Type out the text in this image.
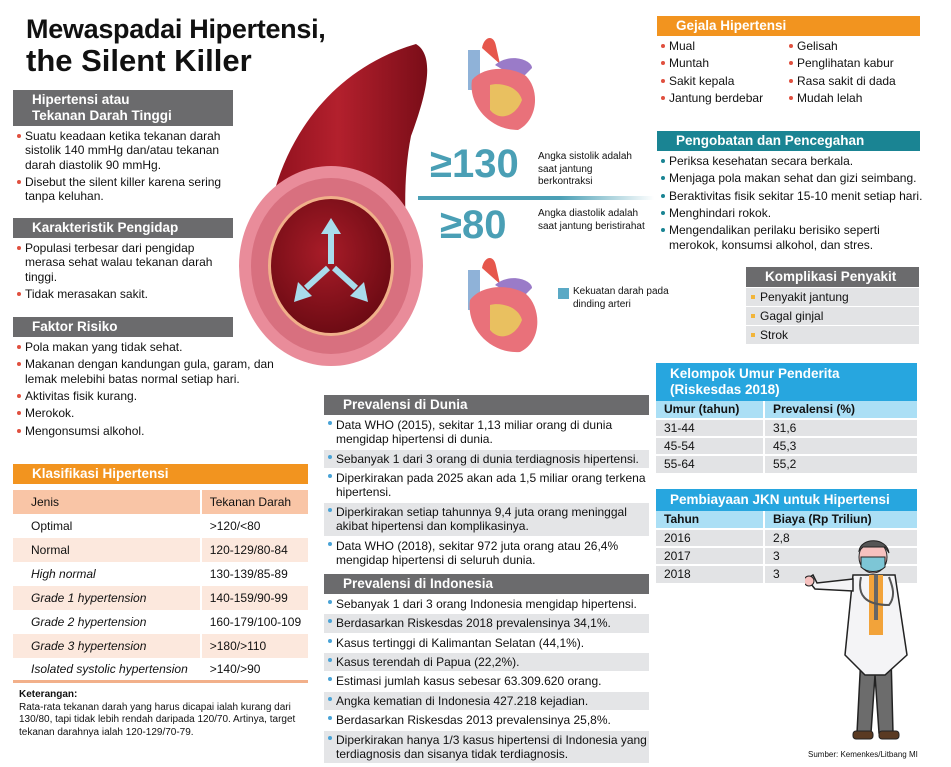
Mewaspadai Hipertensi,
the Silent Killer
Hipertensi atau
Tekanan Darah Tinggi
Suatu keadaan ketika tekanan darah sistolik 140 mmHg dan/atau tekanan darah diastolik 90 mmHg.
Disebut the silent killer karena sering tanpa keluhan.
Karakteristik Pengidap
Populasi terbesar dari pengidap merasa sehat walau tekanan darah tinggi.
Tidak merasakan sakit.
Faktor Risiko
Pola makan yang tidak sehat.
Makanan dengan kandungan gula, garam, dan lemak melebihi batas normal setiap hari.
Aktivitas fisik kurang.
Merokok.
Mengonsumsi alkohol.
Klasifikasi Hipertensi
Jenis	Tekanan Darah
Optimal	>120/<80
Normal	120-129/80-84
High normal	130-139/85-89
Grade 1 hypertension	140-159/90-99
Grade 2 hypertension	160-179/100-109
Grade 3 hypertension	>180/>110
Isolated systolic hypertension	>140/>90
Keterangan:
Rata-rata tekanan darah yang harus dicapai ialah kurang dari 130/80, tapi tidak lebih rendah daripada 120/70. Artinya, target tekanan darahnya ialah 120-129/70-79.
≥130 Angka sistolik adalah saat jantung berkontraksi
≥80	Angka diastolik adalah saat jantung beristirahat
Kekuatan darah pada dinding arteri
Gejala Hipertensi
Mual
Muntah
Sakit kepala
Jantung berdebar
Gelisah
Penglihatan kabur
Rasa sakit di dada
Mudah lelah
Pengobatan dan Pencegahan
Periksa kesehatan secara berkala.
Menjaga pola makan sehat dan gizi seimbang.
Beraktivitas fisik sekitar 15-10 menit setiap hari.
Menghindari rokok.
Mengendalikan perilaku berisiko seperti merokok, konsumsi alkohol, dan stres.
Komplikasi Penyakit
Penyakit jantung
Gagal ginjal
Strok
Prevalensi di Dunia
Data WHO (2015), sekitar 1,13 miliar orang di dunia mengidap hipertensi di dunia.
Sebanyak 1 dari 3 orang di dunia terdiagnosis hipertensi.
Diperkirakan pada 2025 akan ada 1,5 miliar orang terkena hipertensi.
Diperkirakan setiap tahunnya 9,4 juta orang meninggal akibat hipertensi dan komplikasinya.
Data WHO (2018), sekitar 972 juta orang atau 26,4% mengidap hipertensi di seluruh dunia.
Prevalensi di Indonesia
Sebanyak 1 dari 3 orang Indonesia mengidap hipertensi.
Berdasarkan Riskesdas 2018 prevalensinya 34,1%.
Kasus tertinggi di Kalimantan Selatan (44,1%).
Kasus terendah di Papua (22,2%).
Estimasi jumlah kasus sebesar 63.309.620 orang.
Angka kematian di Indonesia 427.218 kejadian.
Berdasarkan Riskesdas 2013 prevalensinya 25,8%.
Diperkirakan hanya 1/3 kasus hipertensi di Indonesia yang terdiagnosis dan sisanya tidak terdiagnosis.
Kelompok Umur Penderita
(Riskesdas 2018)
Umur (tahun)	Prevalensi (%)
31-44	31,6
45-54	45,3
55-64	55,2
Pembiayaan JKN untuk Hipertensi
Tahun	Biaya (Rp Triliun)
2016	2,8
2017	3
2018	3
Sumber: Kemenkes/Litbang MI
